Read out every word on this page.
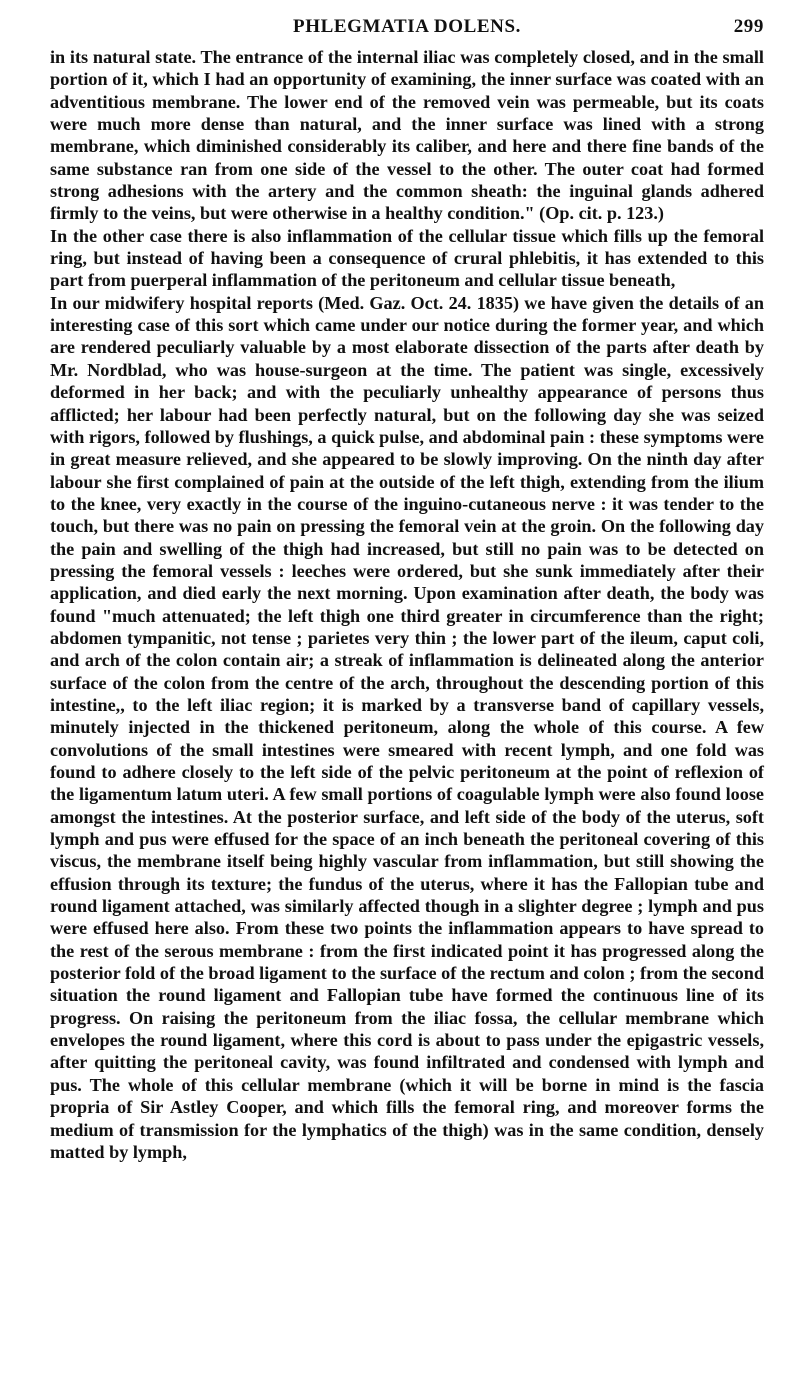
PHLEGMATIA DOLENS.	299

in its natural state. The entrance of the internal iliac was completely closed, and in the small portion of it, which I had an opportunity of examining, the inner surface was coated with an adventitious membrane. The lower end of the removed vein was permeable, but its coats were much more dense than natural, and the inner surface was lined with a strong membrane, which diminished considerably its caliber, and here and there fine bands of the same substance ran from one side of the vessel to the other. The outer coat had formed strong adhesions with the artery and the common sheath: the inguinal glands adhered firmly to the veins, but were otherwise in a healthy condition." (Op. cit. p. 123.)

In the other case there is also inflammation of the cellular tissue which fills up the femoral ring, but instead of having been a consequence of crural phlebitis, it has extended to this part from puerperal inflammation of the peritoneum and cellular tissue beneath,

In our midwifery hospital reports (Med. Gaz. Oct. 24. 1835) we have given the details of an interesting case of this sort which came under our notice during the former year, and which are rendered peculiarly valuable by a most elaborate dissection of the parts after death by Mr. Nordblad, who was house-surgeon at the time. The patient was single, excessively deformed in her back; and with the peculiarly unhealthy appearance of persons thus afflicted; her labour had been perfectly natural, but on the following day she was seized with rigors, followed by flushings, a quick pulse, and abdominal pain : these symptoms were in great measure relieved, and she appeared to be slowly improving. On the ninth day after labour she first complained of pain at the outside of the left thigh, extending from the ilium to the knee, very exactly in the course of the inguino-cutaneous nerve : it was tender to the touch, but there was no pain on pressing the femoral vein at the groin. On the following day the pain and swelling of the thigh had increased, but still no pain was to be detected on pressing the femoral vessels : leeches were ordered, but she sunk immediately after their application, and died early the next morning. Upon examination after death, the body was found "much attenuated; the left thigh one third greater in circumference than the right; abdomen tympanitic, not tense ; parietes very thin ; the lower part of the ileum, caput coli, and arch of the colon contain air; a streak of inflammation is delineated along the anterior surface of the colon from the centre of the arch, throughout the descending portion of this intestine,, to the left iliac region; it is marked by a transverse band of capillary vessels, minutely injected in the thickened peritoneum, along the whole of this course. A few convolutions of the small intestines were smeared with recent lymph, and one fold was found to adhere closely to the left side of the pelvic peritoneum at the point of reflexion of the ligamentum latum uteri. A few small portions of coagulable lymph were also found loose amongst the intestines. At the posterior surface, and left side of the body of the uterus, soft lymph and pus were effused for the space of an inch beneath the peritoneal covering of this viscus, the membrane itself being highly vascular from inflammation, but still showing the effusion through its texture; the fundus of the uterus, where it has the Fallopian tube and round ligament attached, was similarly affected though in a slighter degree ; lymph and pus were effused here also. From these two points the inflammation appears to have spread to the rest of the serous membrane : from the first indicated point it has progressed along the posterior fold of the broad ligament to the surface of the rectum and colon ; from the second situation the round ligament and Fallopian tube have formed the continuous line of its progress. On raising the peritoneum from the iliac fossa, the cellular membrane which envelopes the round ligament, where this cord is about to pass under the epigastric vessels, after quitting the peritoneal cavity, was found infiltrated and condensed with lymph and pus. The whole of this cellular membrane (which it will be borne in mind is the fascia propria of Sir Astley Cooper, and which fills the femoral ring, and moreover forms the medium of transmission for the lymphatics of the thigh) was in the same condition, densely matted by lymph,
